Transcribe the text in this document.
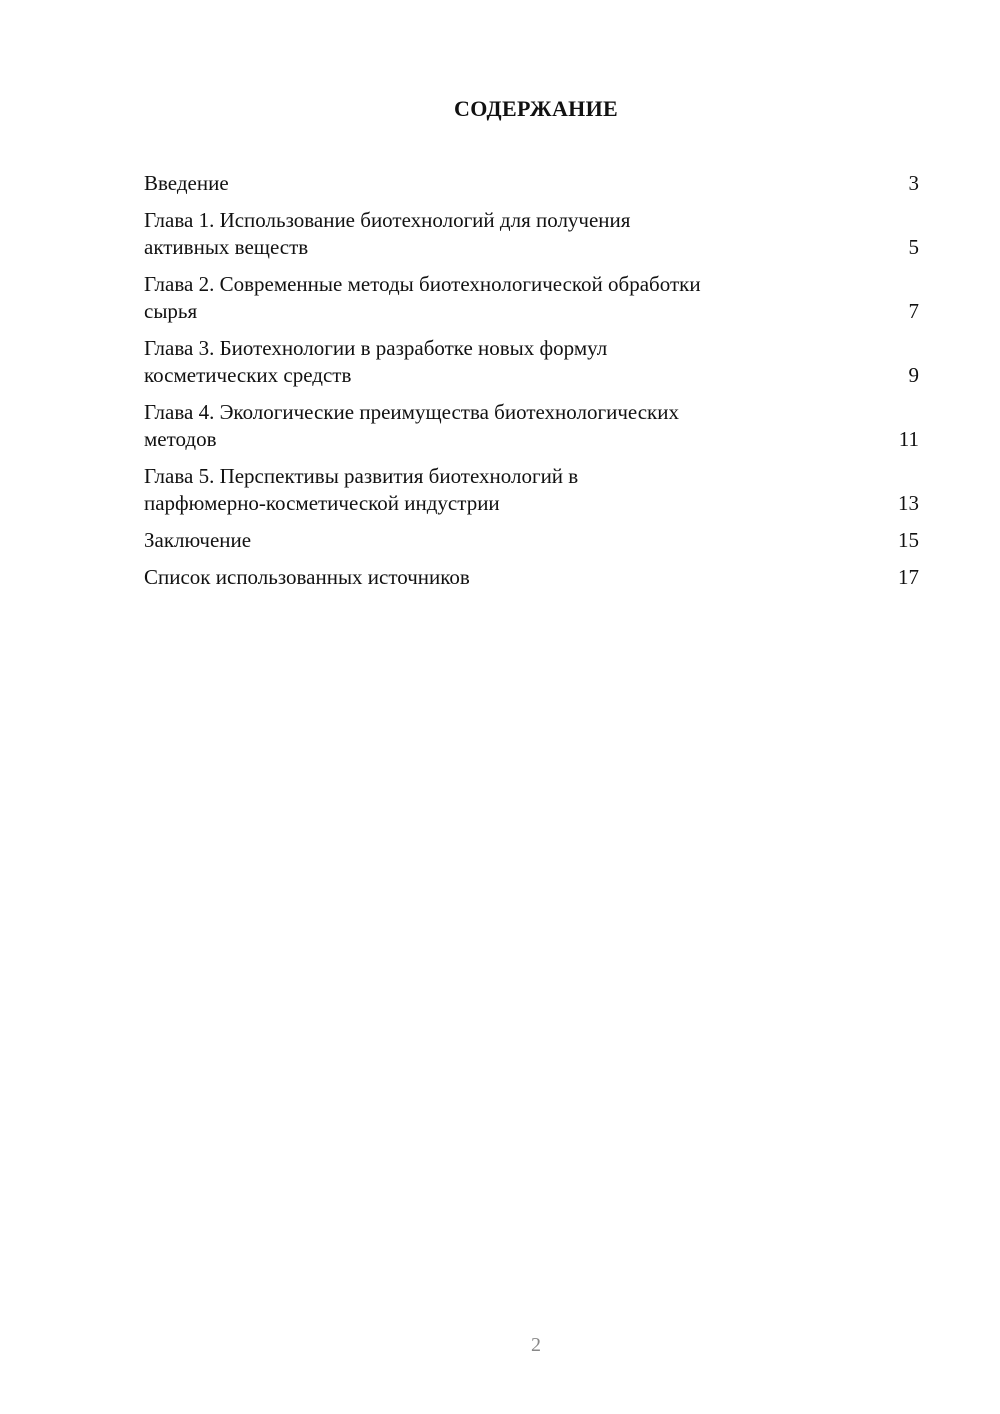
СОДЕРЖАНИЕ
Введение	3
Глава 1. Использование биотехнологий для получения
активных веществ	5
Глава 2. Современные методы биотехнологической обработки
сырья	7
Глава 3. Биотехнологии в разработке новых формул
косметических средств	9
Глава 4. Экологические преимущества биотехнологических
методов	11
Глава 5. Перспективы развития биотехнологий в
парфюмерно-косметической индустрии	13
Заключение	15
Список использованных источников	17
2
